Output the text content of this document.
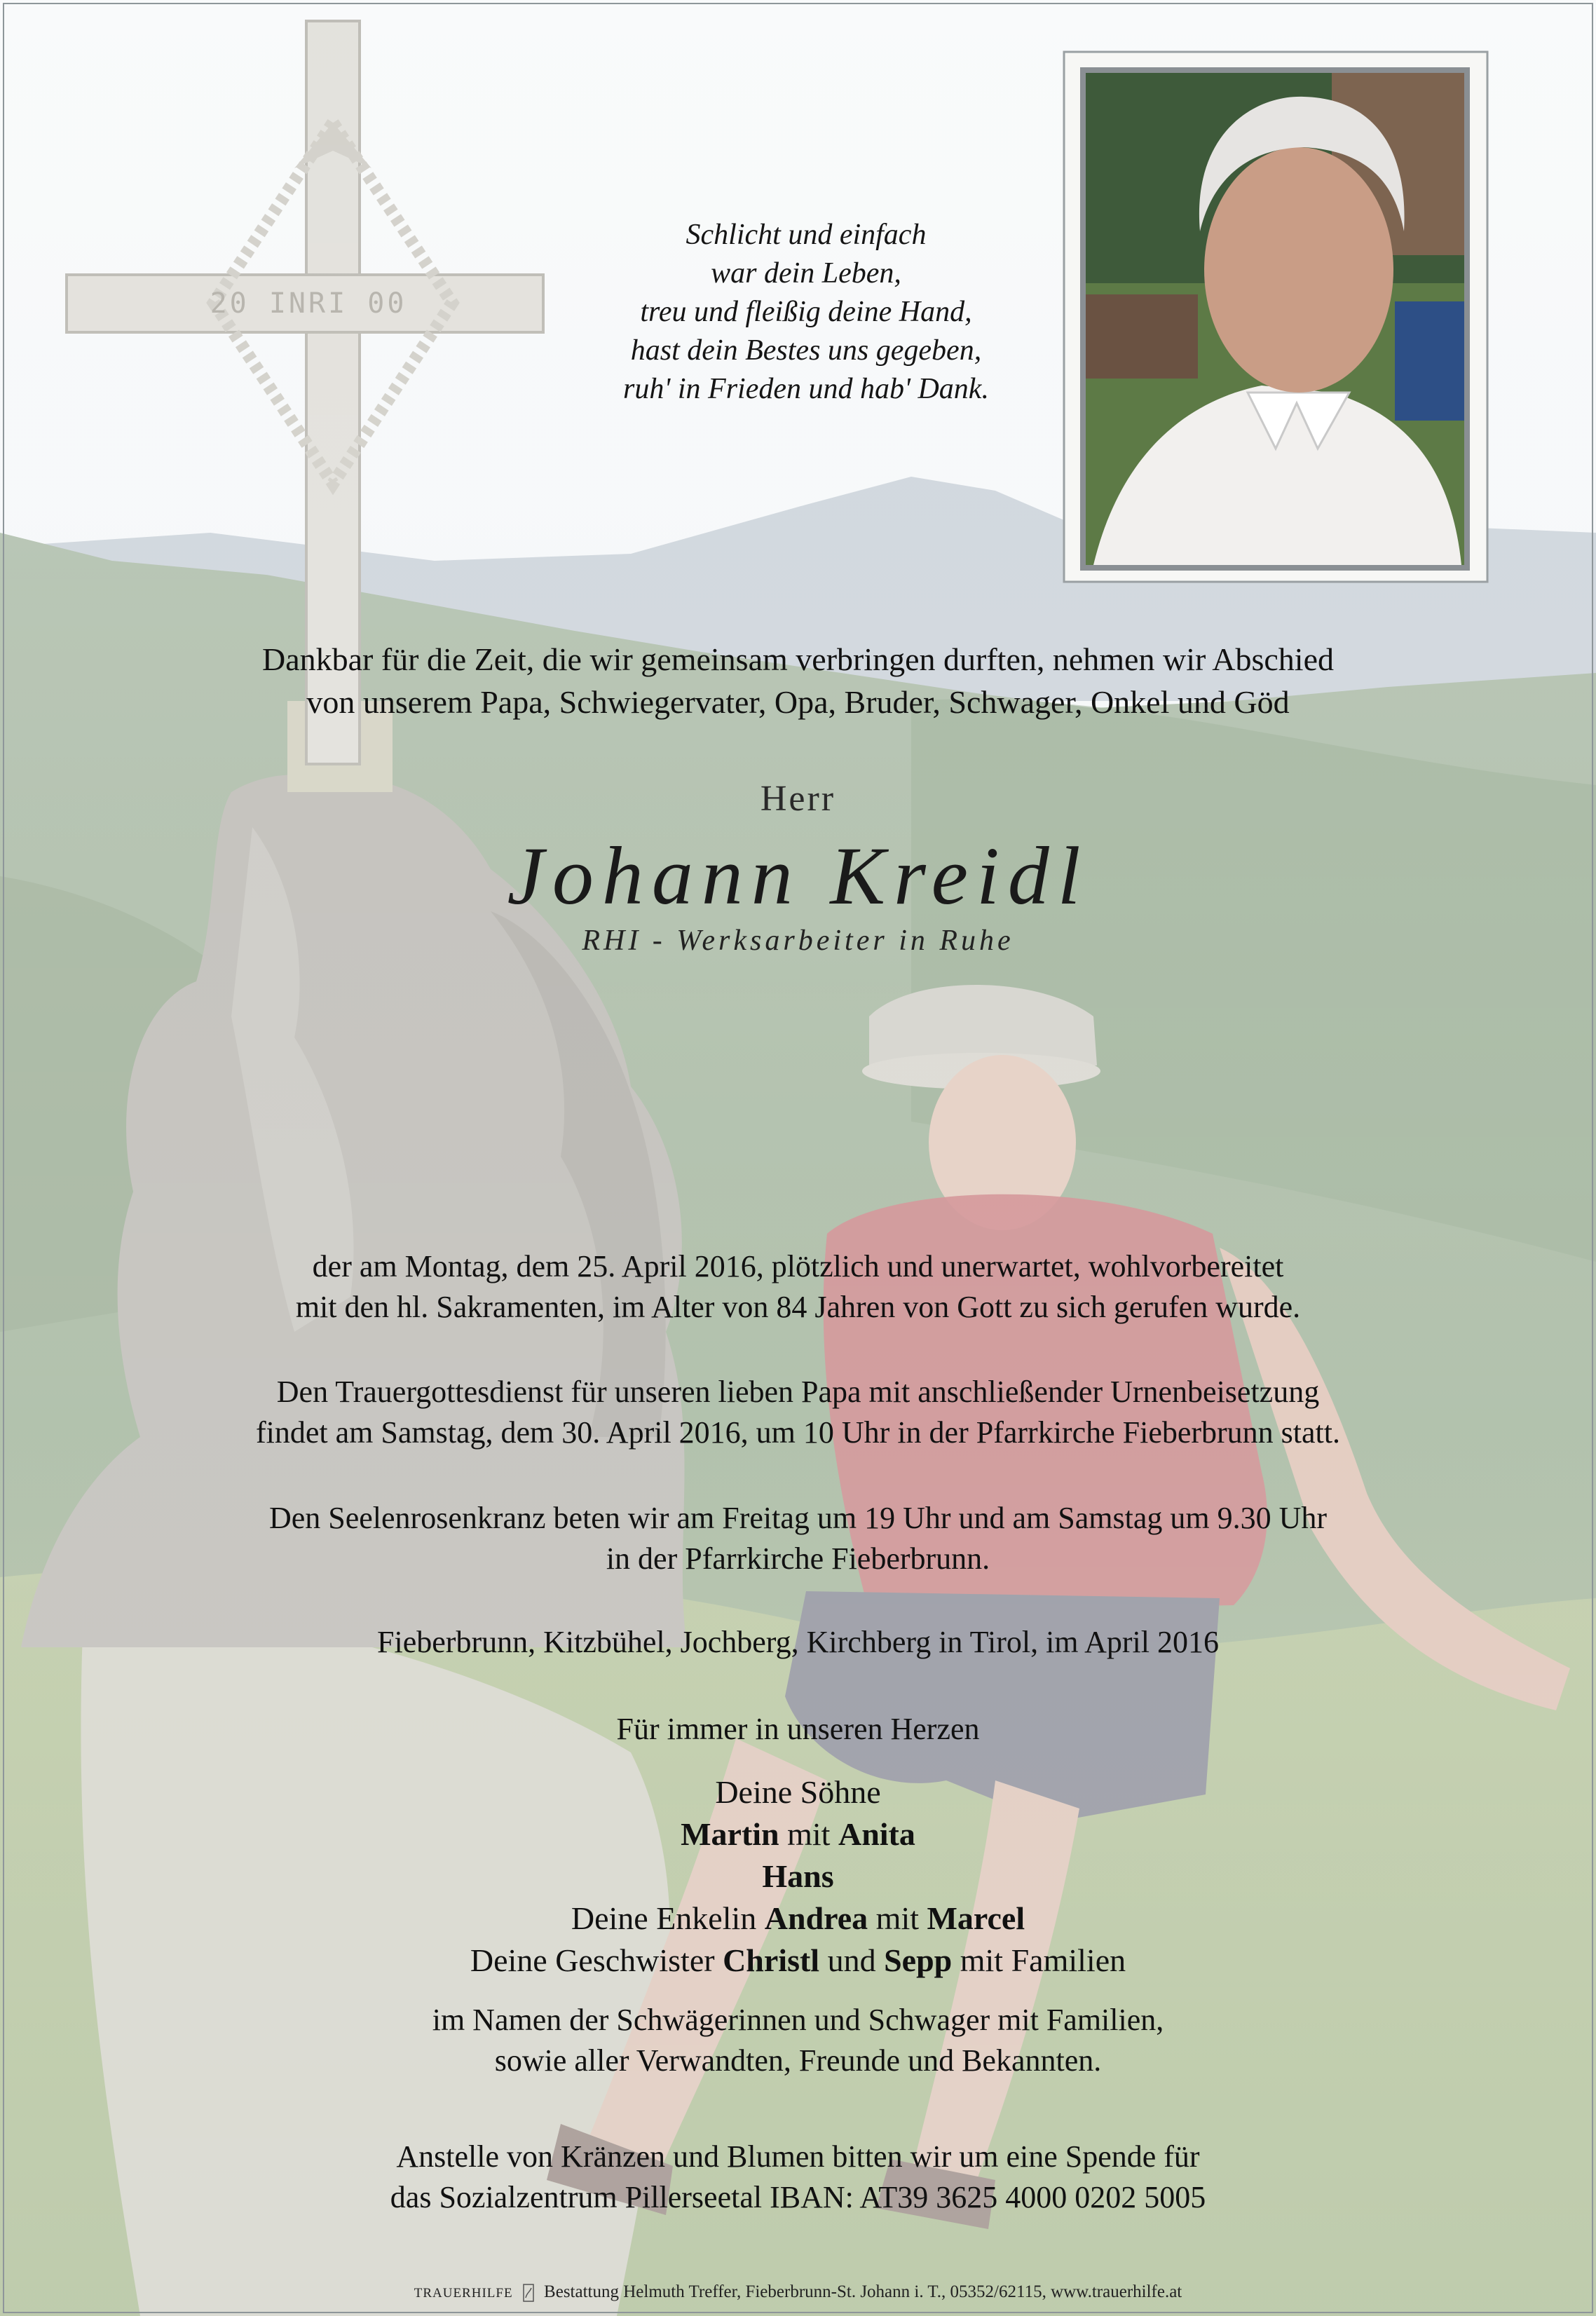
Schlicht und einfach
war dein Leben,
treu und fleißig deine Hand,
hast dein Bestes uns gegeben,
ruh' in Frieden und hab' Dank.
Dankbar für die Zeit, die wir gemeinsam verbringen durften, nehmen wir Abschied
von unserem Papa, Schwiegervater, Opa, Bruder, Schwager, Onkel und Göd
Herr
Johann Kreidl
RHI - Werksarbeiter in Ruhe
der am Montag, dem 25. April 2016, plötzlich und unerwartet, wohlvorbereitet
mit den hl. Sakramenten, im Alter von 84 Jahren von Gott zu sich gerufen wurde.
Den Trauergottesdienst für unseren lieben Papa mit anschließender Urnenbeisetzung
findet am Samstag, dem 30. April 2016, um 10 Uhr in der Pfarrkirche Fieberbrunn statt.
Den Seelenrosenkranz beten wir am Freitag um 19 Uhr und am Samstag um 9.30 Uhr
in der Pfarrkirche Fieberbrunn.
Fieberbrunn, Kitzbühel, Jochberg, Kirchberg in Tirol, im April 2016
Für immer in unseren Herzen
Deine Söhne
Martin mit Anita
Hans
Deine Enkelin Andrea mit Marcel
Deine Geschwister Christl und Sepp mit Familien
im Namen der Schwägerinnen und Schwager mit Familien,
sowie aller Verwandten, Freunde und Bekannten.
Anstelle von Kränzen und Blumen bitten wir um eine Spende für
das Sozialzentrum Pillerseetal IBAN: AT39 3625 4000 0202 5005
TRAUERHILFE Bestattung Helmuth Treffer, Fieberbrunn-St. Johann i. T., 05352/62115, www.trauerhilfe.at
